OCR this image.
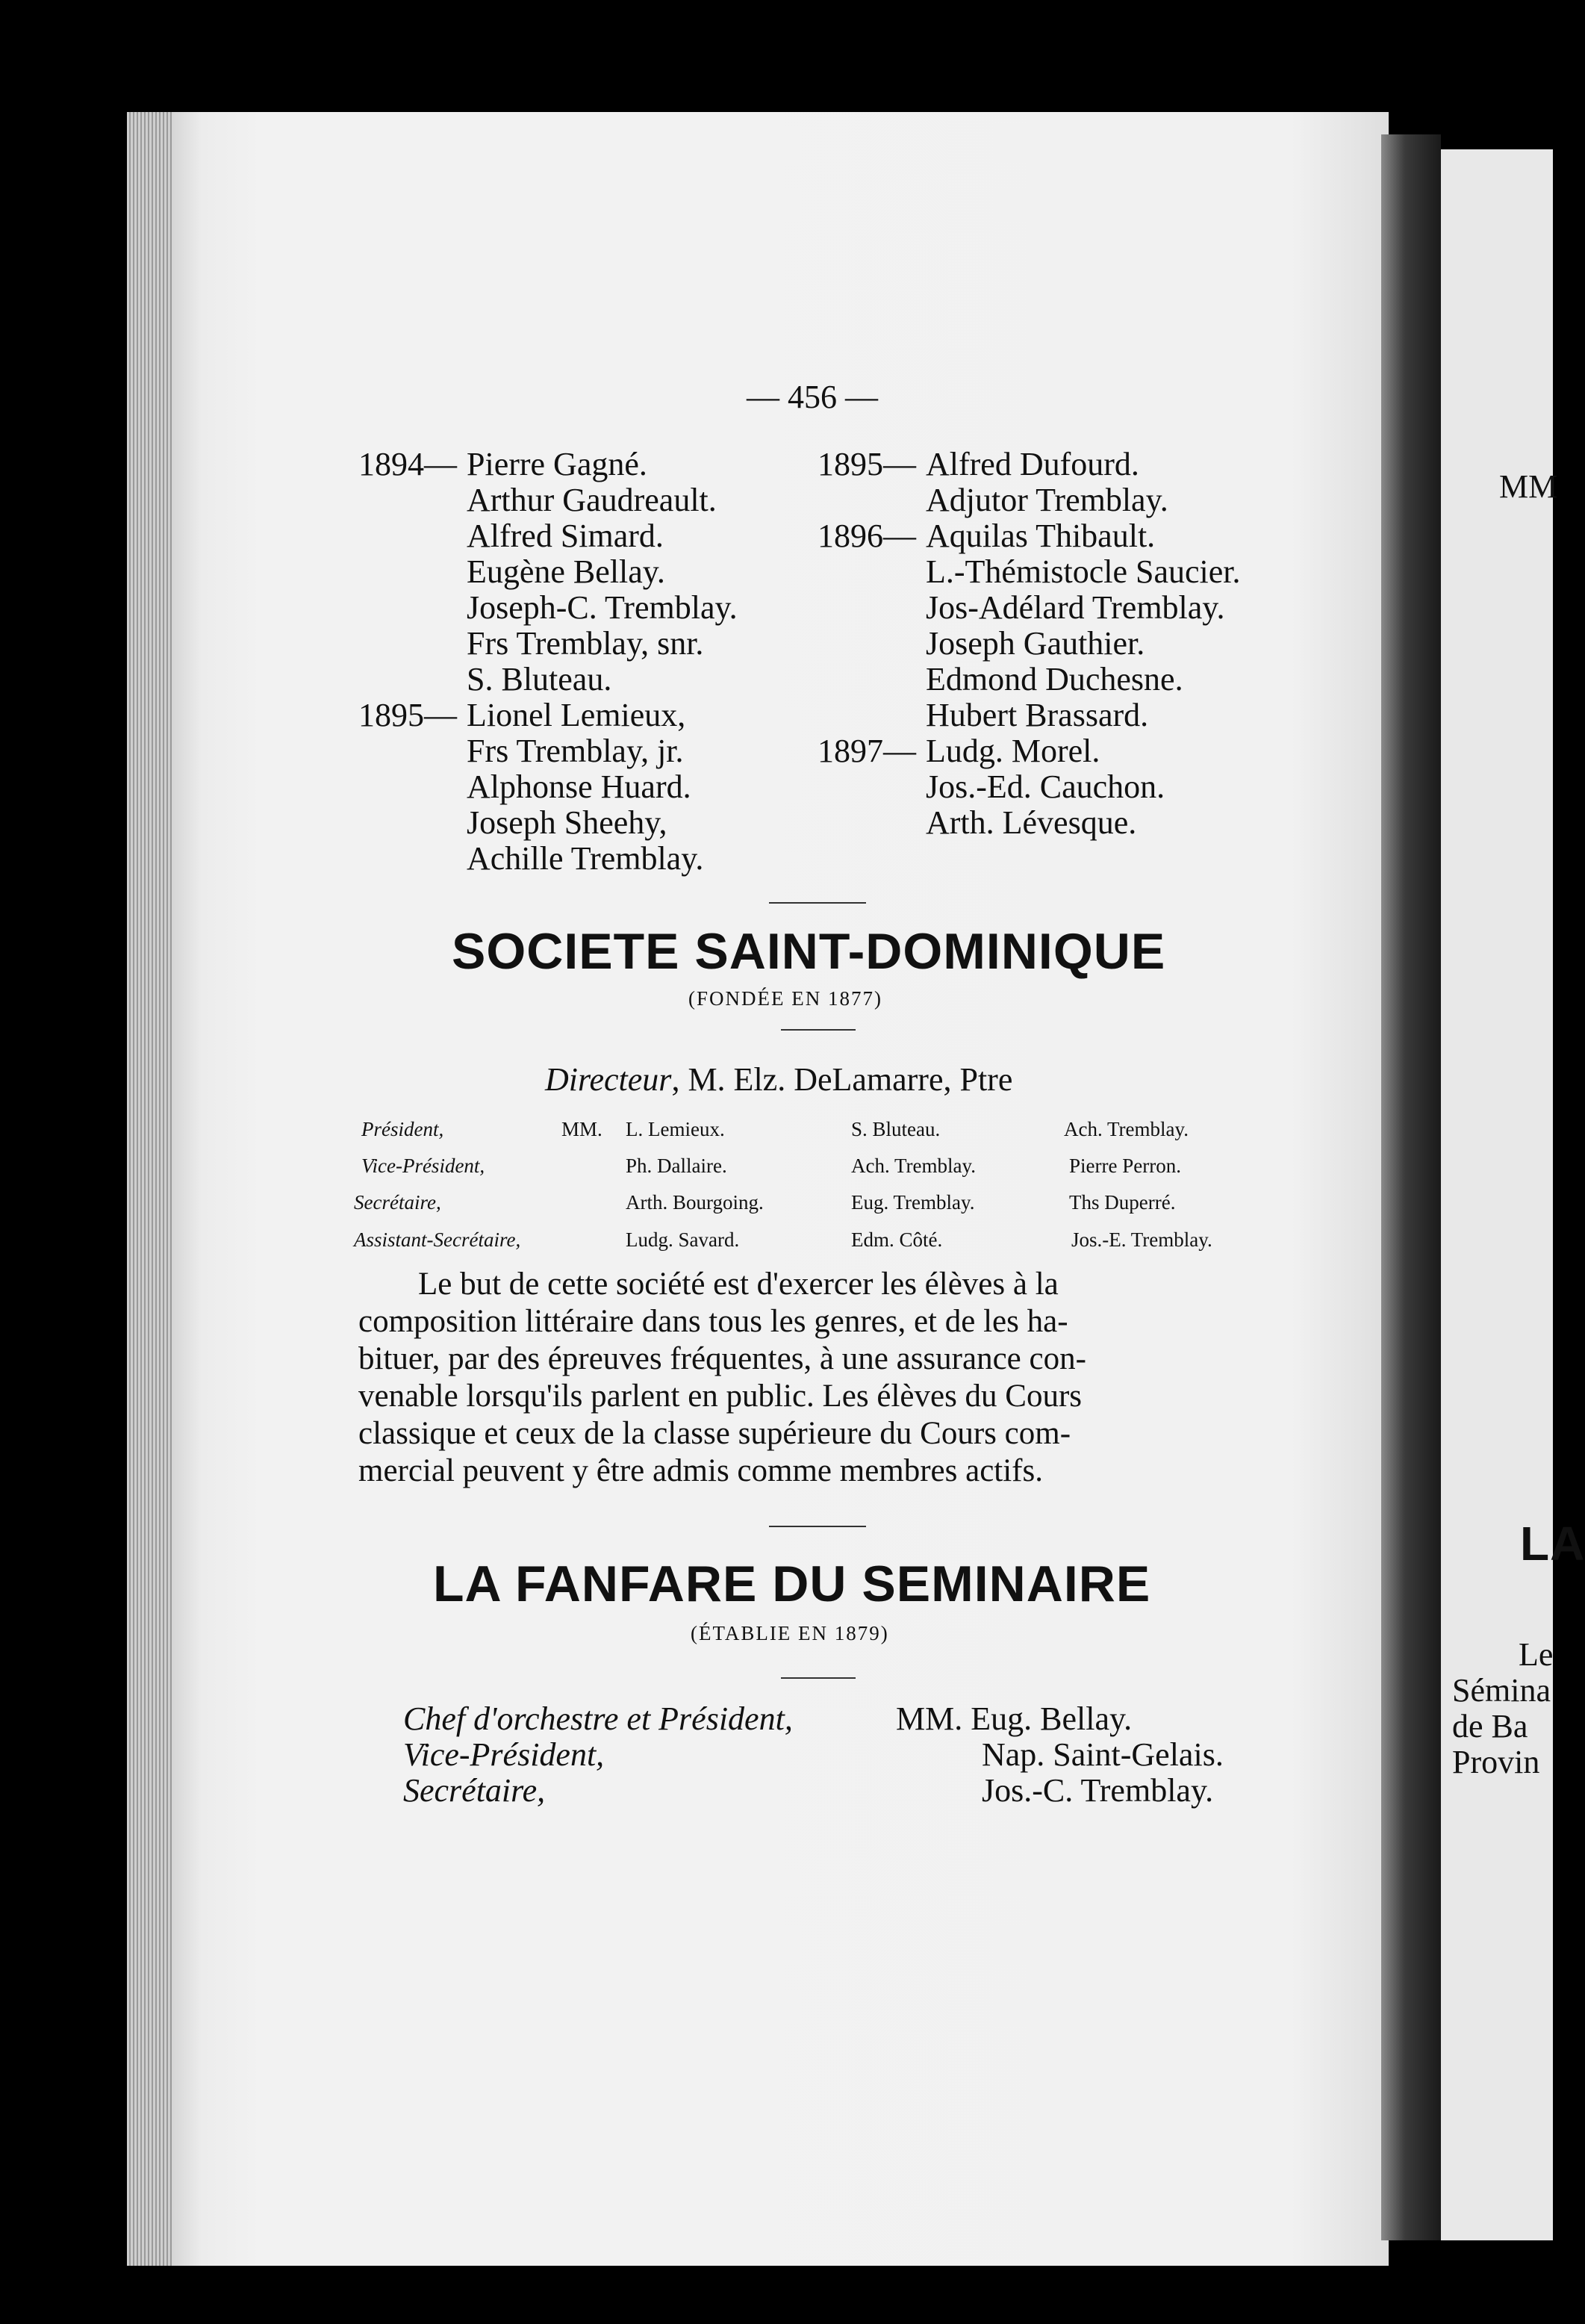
— 456 —
1894— Pierre Gagné.
Arthur Gaudreault.
Alfred Simard.
Eugène Bellay.
Joseph-C. Tremblay.
Frs Tremblay, snr.
S. Bluteau.
1895— Lionel Lemieux,
Frs Tremblay, jr.
Alphonse Huard.
Joseph Sheehy,
Achille Tremblay.
1895— Alfred Dufourd.
Adjutor Tremblay.
1896— Aquilas Thibault.
L.-Thémistocle Saucier.
Jos-Adélard Tremblay.
Joseph Gauthier.
Edmond Duchesne.
Hubert Brassard.
1897— Ludg. Morel.
Jos.-Ed. Cauchon.
Arth. Lévesque.
SOCIETE SAINT-DOMINIQUE
(FONDÉE EN 1877)
Directeur, M. Elz. DeLamarre, Ptre
Président,	MM. L. Lemieux.	S. Bluteau.	Ach. Tremblay.
Vice-Président,	Ph. Dallaire.	Ach. Tremblay.	Pierre Perron.
Secrétaire,	Arth. Bourgoing.	Eug. Tremblay.	Ths Duperré.
Assistant-Secrétaire,	Ludg. Savard.	Edm. Côté.	Jos.-E. Tremblay.
Le but de cette société est d'exercer les élèves à la
composition littéraire dans tous les genres, et de les ha-
bituer, par des épreuves fréquentes, à une assurance con-
venable lorsqu'ils parlent en public. Les élèves du Cours
classique et ceux de la classe supérieure du Cours com-
mercial peuvent y être admis comme membres actifs.
LA FANFARE DU SEMINAIRE
(ÉTABLIE EN 1879)
Chef d'orchestre et Président,	MM. Eug. Bellay.
Vice-Président,	Nap. Saint-Gelais.
Secrétaire,	Jos.-C. Tremblay.
MM
LA
Le
Sémina
de Ba
Provin
